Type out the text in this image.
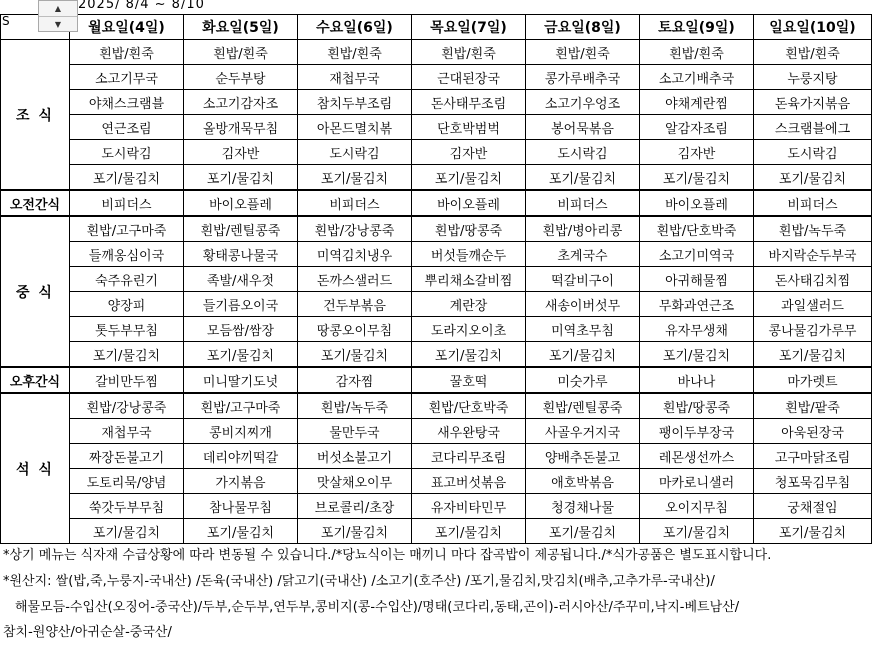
2025/ 8/4 ~ 8/10
▲
▼
S
		월요일(4일)	화요일(5일)	수요일(6일)	목요일(7일)	금요일(8일)	토요일(9일)	일요일(10일)
조 식	흰밥/흰죽	흰밥/흰죽	흰밥/흰죽	흰밥/흰죽	흰밥/흰죽	흰밥/흰죽	흰밥/흰죽
	소고기무국	순두부탕	재첩무국	근대된장국	콩가루배추국	소고기배추국	누룽지탕
	야채스크램블	소고기감자조	참치두부조림	돈사태무조림	소고기우엉조	야채계란찜	돈육가지볶음
	연근조림	올방개묵무침	아몬드멸치볶	단호박범벅	봉어묵볶음	알감자조림	스크램블에그
	도시락김	김자반	도시락김	김자반	도시락김	김자반	도시락김
	포기/물김치	포기/물김치	포기/물김치	포기/물김치	포기/물김치	포기/물김치	포기/물김치
오전간식	비피더스	바이오플레	비피더스	바이오플레	비피더스	바이오플레	비피더스
중 식	흰밥/고구마죽	흰밥/렌틸콩죽	흰밥/강낭콩죽	흰밥/땅콩죽	흰밥/병아리콩	흰밥/단호박죽	흰밥/녹두죽
	들깨옹심이국	황태콩나물국	미역김치냉우	버섯들깨순두	초계국수	소고기미역국	바지락순두부국
	숙주유린기	족발/새우젓	돈까스샐러드	뿌리채소갈비찜	떡갈비구이	아귀해물찜	돈사태김치찜
	양장피	들기름오이국	건두부볶음	계란장	새송이버섯무	무화과연근조	과일샐러드
	톳두부무침	모듬쌈/쌈장	땅콩오이무침	도라지오이초	미역초무침	유자무생채	콩나물김가루무
	포기/물김치	포기/물김치	포기/물김치	포기/물김치	포기/물김치	포기/물김치	포기/물김치
오후간식	갈비만두찜	미니딸기도넛	감자찜	꿀호떡	미숫가루	바나나	마가렛트
석 식	흰밥/강낭콩죽	흰밥/고구마죽	흰밥/녹두죽	흰밥/단호박죽	흰밥/렌틸콩죽	흰밥/땅콩죽	흰밥/팥죽
	재첩무국	콩비지찌개	물만두국	새우완탕국	사골우거지국	팽이두부장국	아욱된장국
	짜장돈불고기	데리야끼떡갈	버섯소불고기	코다리무조림	양배추돈불고	레몬생선까스	고구마닭조림
	도토리묵/양념	가지볶음	맛살채오이무	표고버섯볶음	애호박볶음	마카로니샐러	청포묵김무침
	쑥갓두부무침	참나물무침	브로콜리/초장	유자비타민무	청경채나물	오이지무침	궁채절임
	포기/물김치	포기/물김치	포기/물김치	포기/물김치	포기/물김치	포기/물김치	포기/물김치
*상기 메뉴는 식자재 수급상황에 따라 변동될 수 있습니다./*당뇨식이는 매끼니 마다 잡곡밥이 제공됩니다./*식가공품은 별도표시합니다.
*원산지: 쌀(밥,죽,누룽지-국내산) /돈육(국내산) /닭고기(국내산) /소고기(호주산) /포기,물김치,맛김치(배추,고추가루-국내산)/
해물모듬-수입산(오징어-중국산)/두부,순두부,연두부,콩비지(콩-수입산)/명태(코다리,동태,곤이)-러시아산/주꾸미,낙지-베트남산/
참치-원양산/아귀순살-중국산/
